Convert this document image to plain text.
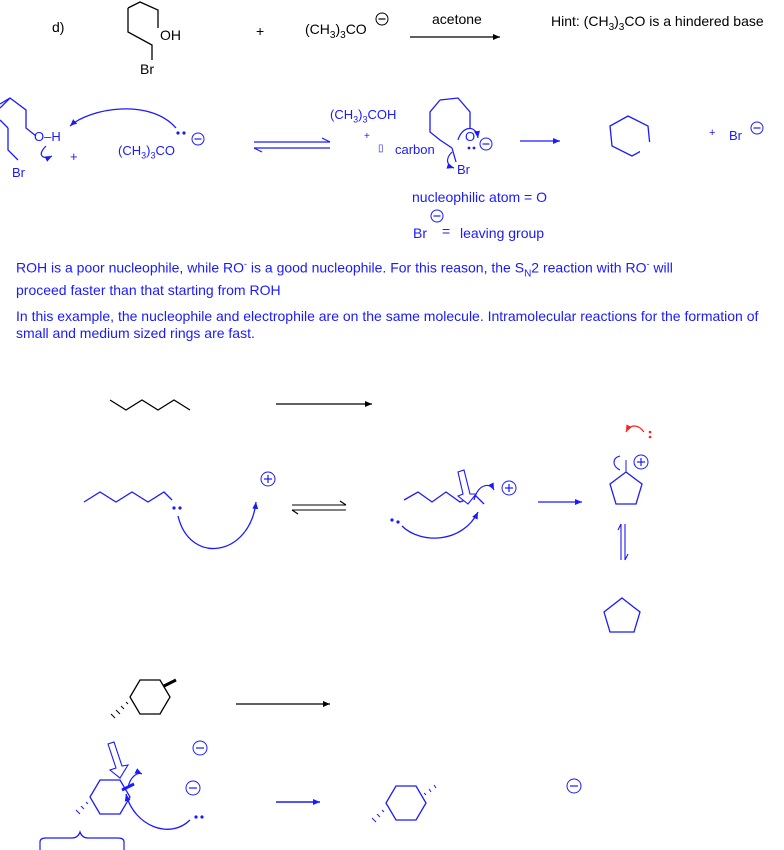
d)	OH
Br
+	$(CH_3)_3CO$
acetone	Hint: $(CH_3)_3CO$ is a hindered base
O–H
+	$(CH_3)_3CO$
Br
$(CH_3)_3COH$
+
▯ carbon
O
Br
+ Br
nucleophilic atom = O
Br = leaving group
ROH is a poor nucleophile, while RO- is a good nucleophile. For this reason, the $S_N2$ reaction with RO- will
proceed faster than that starting from ROH
In this example, the nucleophile and electrophile are on the same molecule. Intramolecular reactions for the formation of small and medium sized rings are fast.
